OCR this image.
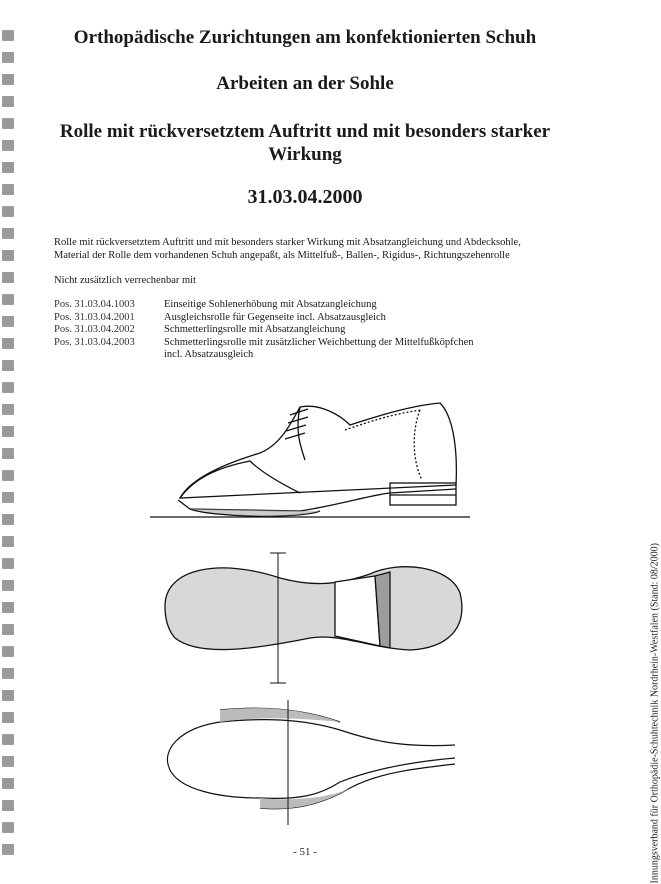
Orthopädische Zurichtungen am konfektionierten Schuh
Arbeiten an der Sohle
Rolle mit rückversetztem Auftritt und mit besonders starker
Wirkung
31.03.04.2000
Rolle mit rückversetztem Auftritt und mit besonders starker Wirkung mit Absatzangleichung und Abdecksohle,
Material der Rolle dem vorhandenen Schuh angepaßt, als Mittelfuß-, Ballen-, Rigidus-, Richtungszehenrolle
Nicht zusätzlich verrechenbar mit
Pos. 31.03.04.1003	Einseitige Sohlenerhöbung mit Absatzangleichung
Pos. 31.03.04.2001	Ausgleichsrolle für Gegenseite incl. Absatzausgleich
Pos. 31.03.04.2002	Schmetterlingsrolle mit Absatzangleichung
Pos. 31.03.04.2003	Schmetterlingsrolle mit zusätzlicher Weichbettung der Mittelfußköpfchen
incl. Absatzausgleich
Innungsverband für Orthopädie-Schuhtechnik Nordrhein-Westfalen (Stand: 08/2000)
- 51 -
